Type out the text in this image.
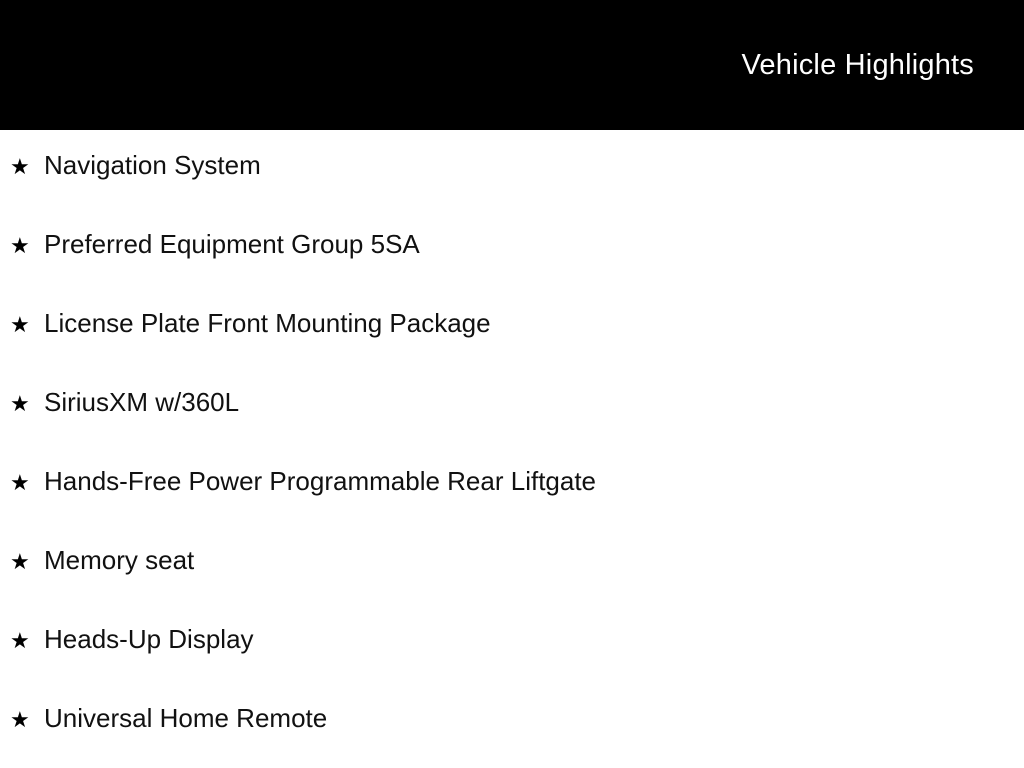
Vehicle Highlights
★ Navigation System
★ Preferred Equipment Group 5SA
★ License Plate Front Mounting Package
★ SiriusXM w/360L
★ Hands-Free Power Programmable Rear Liftgate
★ Memory seat
★ Heads-Up Display
★ Universal Home Remote
